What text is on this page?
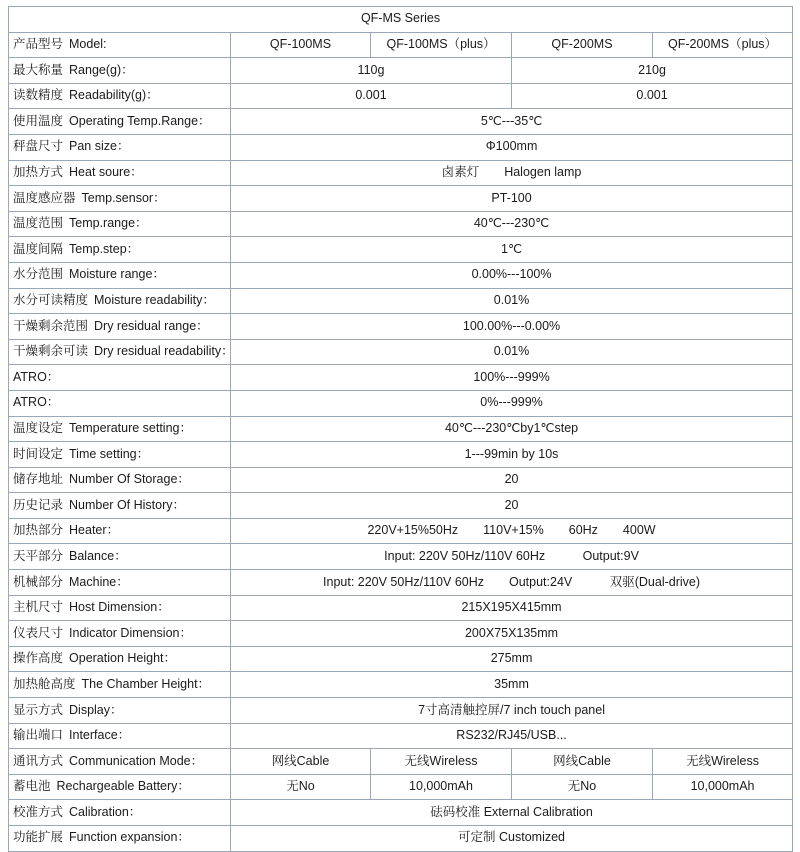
QF-MS Series				
产品型号 Model:	QF-100MS	QF-100MS（plus）	QF-200MS	QF-200MS（plus）
最大称量 Range(g)：	110g		210g	
读数精度 Readability(g)：	0.001		0.001	
使用温度 Operating Temp.Range：	5℃---35℃			
秤盘尺寸 Pan size：	Φ100mm			
加热方式 Heat soure：	卤素灯　　Halogen lamp			
温度感应器 Temp.sensor：	PT-100			
温度范围 Temp.range：	40℃---230℃			
温度间隔 Temp.step：	1℃			
水分范围 Moisture range：	0.00%---100%			
水分可读精度 Moisture readability：	0.01%			
干燥剩余范围 Dry residual range：	100.00%---0.00%			
干燥剩余可读 Dry residual readability：	0.01%			
ATRO：	100%---999%			
ATRO：	0%---999%			
温度设定 Temperature setting：	40℃---230℃by1℃step			
时间设定 Time setting：	1---99min by 10s			
储存地址 Number Of Storage：	20			
历史记录 Number Of History：	20			
加热部分 Heater：	220V+15%50Hz　　110V+15%　　60Hz　　400W			
天平部分 Balance：	Input: 220V 50Hz/110V 60Hz　　　Output:9V			
机械部分 Machine：	Input: 220V 50Hz/110V 60Hz　　Output:24V　　　双驱(Dual-drive)			
主机尺寸 Host Dimension：	215X195X415mm			
仪表尺寸 Indicator Dimension：	200X75X135mm			
操作高度 Operation Height：	275mm			
加热舱高度 The Chamber Height：	35mm			
显示方式 Display：	7寸高清触控屏/7 inch touch panel			
输出端口 Interface：	RS232/RJ45/USB...			
通讯方式 Communication Mode：	网线Cable	无线Wireless	网线Cable	无线Wireless
蓄电池 Rechargeable Battery：	无No	10,000mAh	无No	10,000mAh
校准方式 Calibration：	砝码校准 External Calibration			
功能扩展 Function expansion：	可定制 Customized			
